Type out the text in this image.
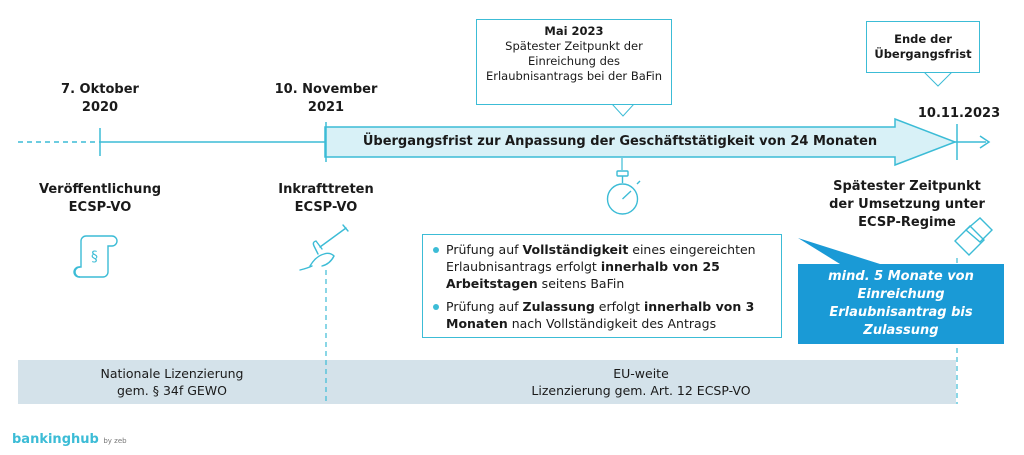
§
7. Oktober
2020
Veröffentlichung
ECSP-VO
10. November
2021
Inkrafttreten
ECSP-VO
10.11.2023
Spätester Zeitpunkt
der Umsetzung unter
ECSP-Regime
Mai 2023
Spätester Zeitpunkt der
Einreichung des
Erlaubnisantrags bei der BaFin
Ende der
Übergangsfrist
Übergangsfrist zur Anpassung der Geschäftstätigkeit von 24 Monaten
Prüfung auf Vollständigkeit eines eingereichten Erlaubnisantrags erfolgt innerhalb von 25 Arbeitstagen seitens BaFin
Prüfung auf Zulassung erfolgt innerhalb von 3 Monaten nach Vollständigkeit des Antrags
mind. 5 Monate von
Einreichung
Erlaubnisantrag bis
Zulassung
Nationale Lizenzierung
gem. § 34f GEWO
EU-weite
Lizenzierung gem. Art. 12 ECSP-VO
bankinghub by zeb
